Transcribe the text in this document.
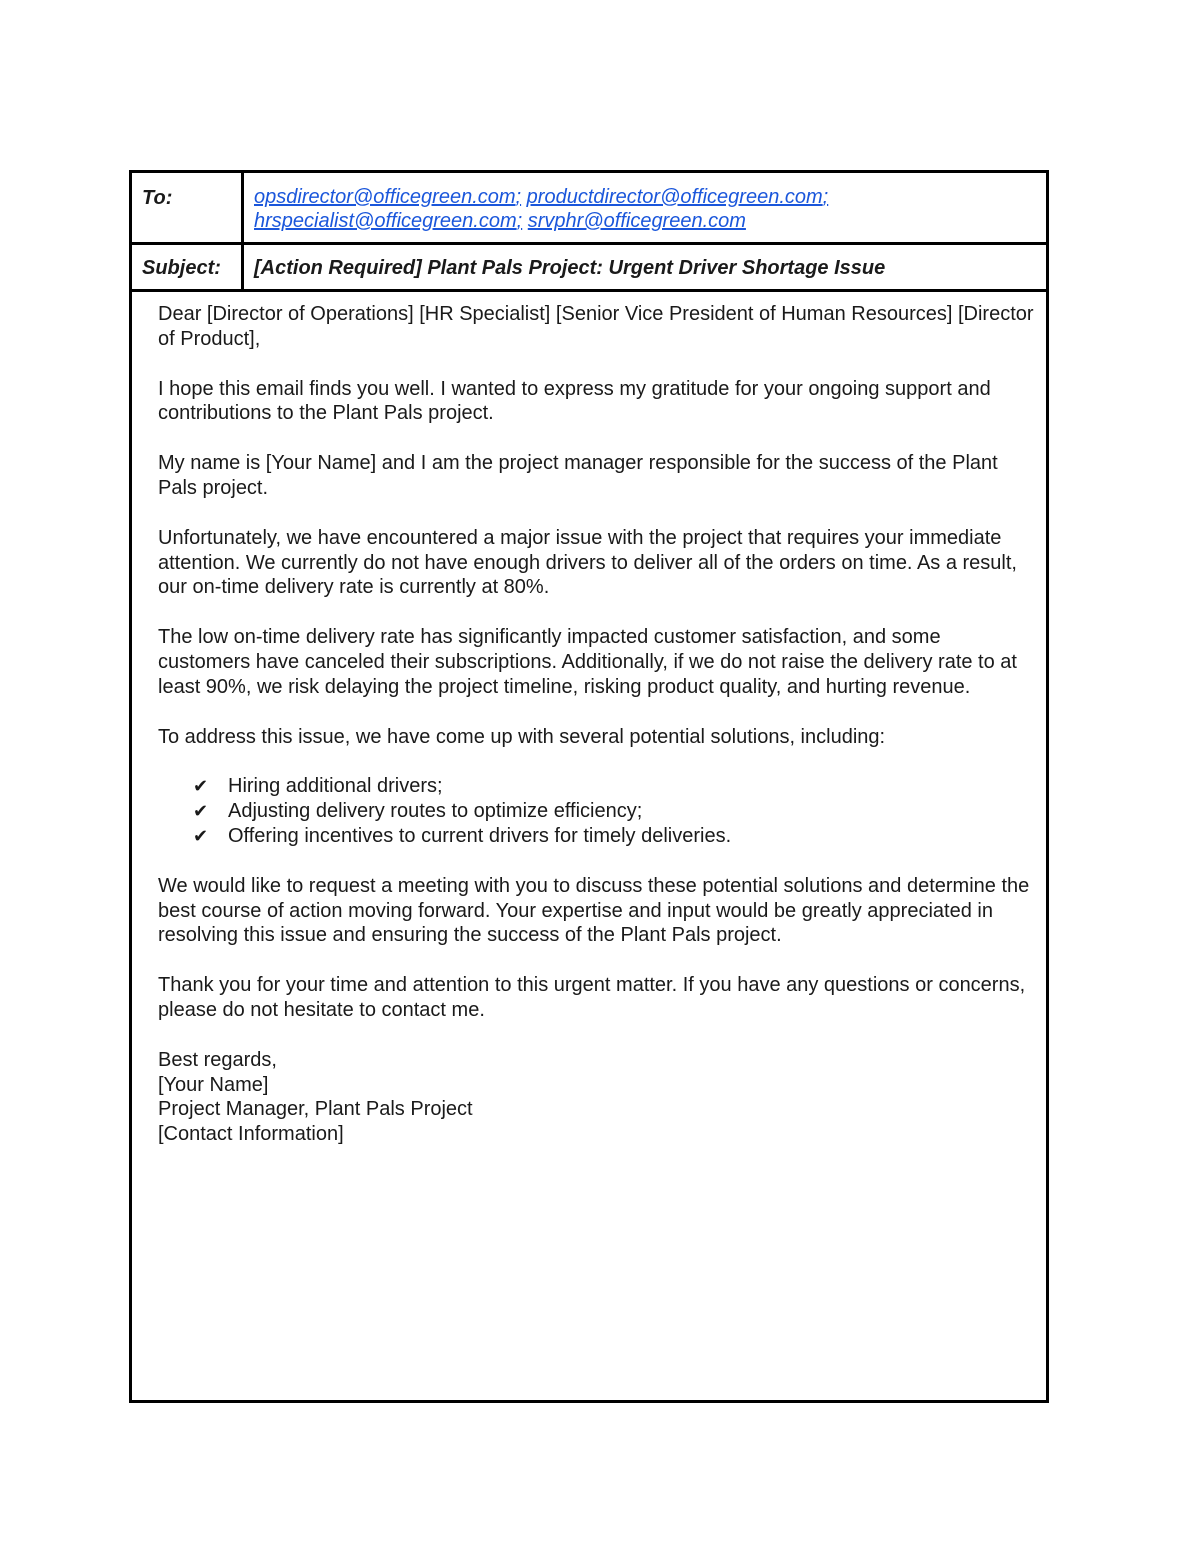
To:	opsdirector@officegreen.com; productdirector@officegreen.com;
hrspecialist@officegreen.com; srvphr@officegreen.com
Subject:	[Action Required] Plant Pals Project: Urgent Driver Shortage Issue

Dear [Director of Operations] [HR Specialist] [Senior Vice President of Human Resources] [Director of Product],

I hope this email finds you well. I wanted to express my gratitude for your ongoing support and contributions to the Plant Pals project.

My name is [Your Name] and I am the project manager responsible for the success of the Plant Pals project.

Unfortunately, we have encountered a major issue with the project that requires your immediate attention. We currently do not have enough drivers to deliver all of the orders on time. As a result, our on-time delivery rate is currently at 80%.

The low on-time delivery rate has significantly impacted customer satisfaction, and some customers have canceled their subscriptions. Additionally, if we do not raise the delivery rate to at least 90%, we risk delaying the project timeline, risking product quality, and hurting revenue.

To address this issue, we have come up with several potential solutions, including:

✔ Hiring additional drivers;
✔ Adjusting delivery routes to optimize efficiency;
✔ Offering incentives to current drivers for timely deliveries.

We would like to request a meeting with you to discuss these potential solutions and determine the best course of action moving forward. Your expertise and input would be greatly appreciated in resolving this issue and ensuring the success of the Plant Pals project.

Thank you for your time and attention to this urgent matter. If you have any questions or concerns, please do not hesitate to contact me.

Best regards,
[Your Name]
Project Manager, Plant Pals Project
[Contact Information]
